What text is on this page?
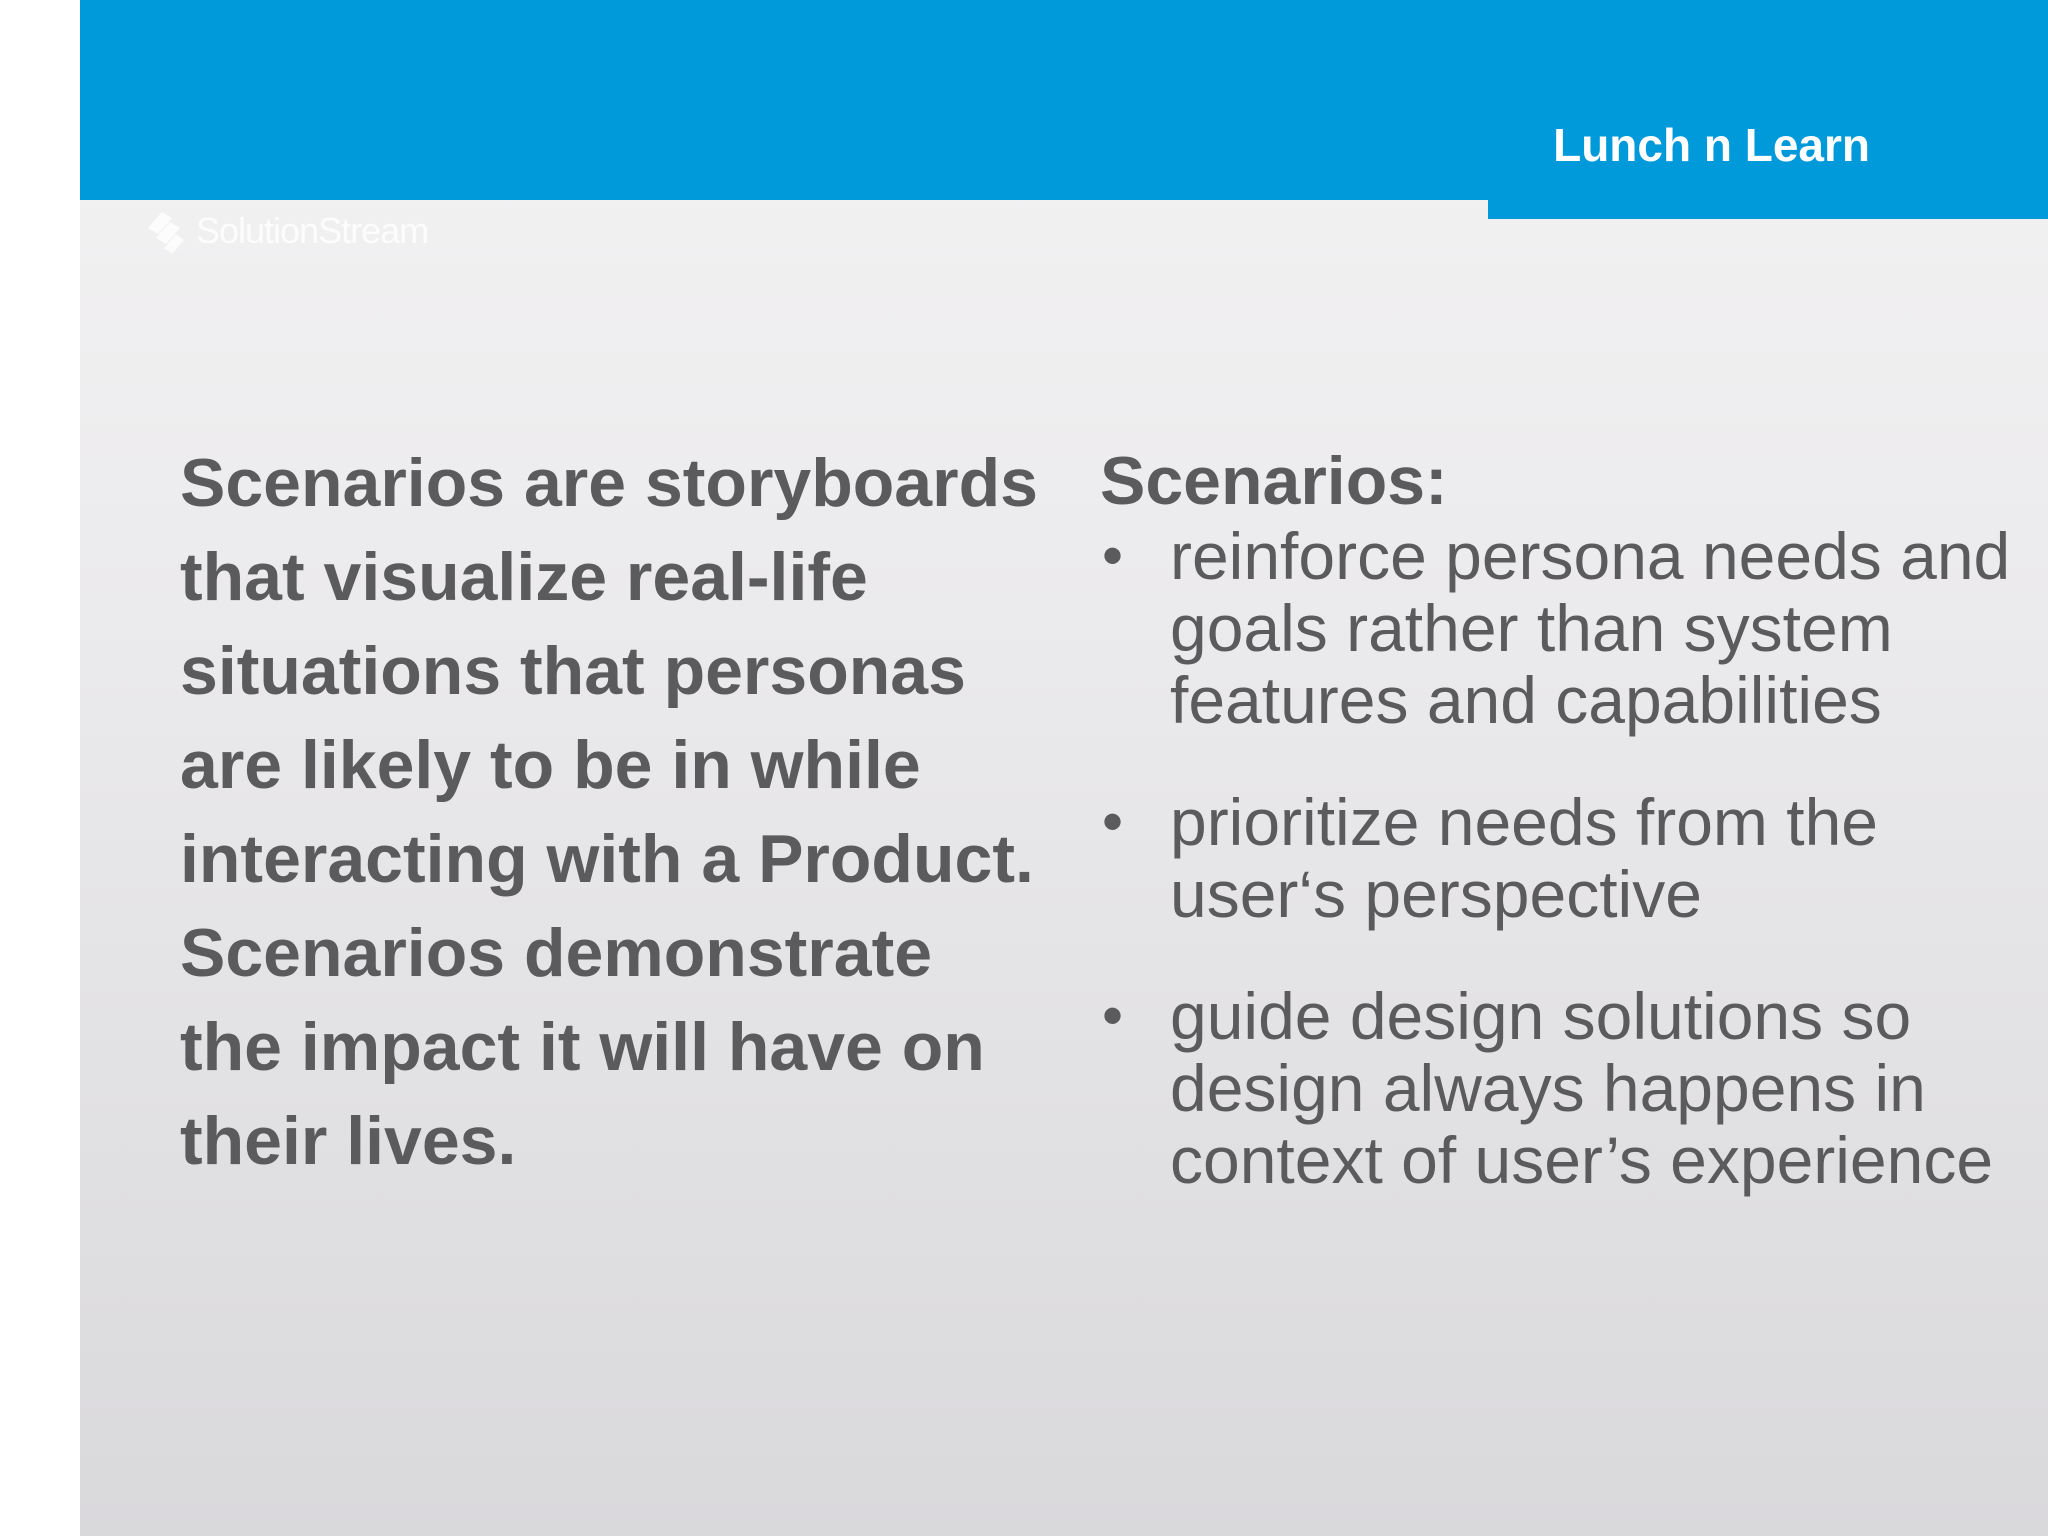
Lunch n Learn
SolutionStream

Scenarios are storyboards that visualize real-life situations that personas are likely to be in while interacting with a Product. Scenarios demonstrate the impact it will have on their lives.

Scenarios:
• reinforce persona needs and goals rather than system features and capabilities
• prioritize needs from the user‘s perspective
• guide design solutions so design always happens in context of user’s experience
